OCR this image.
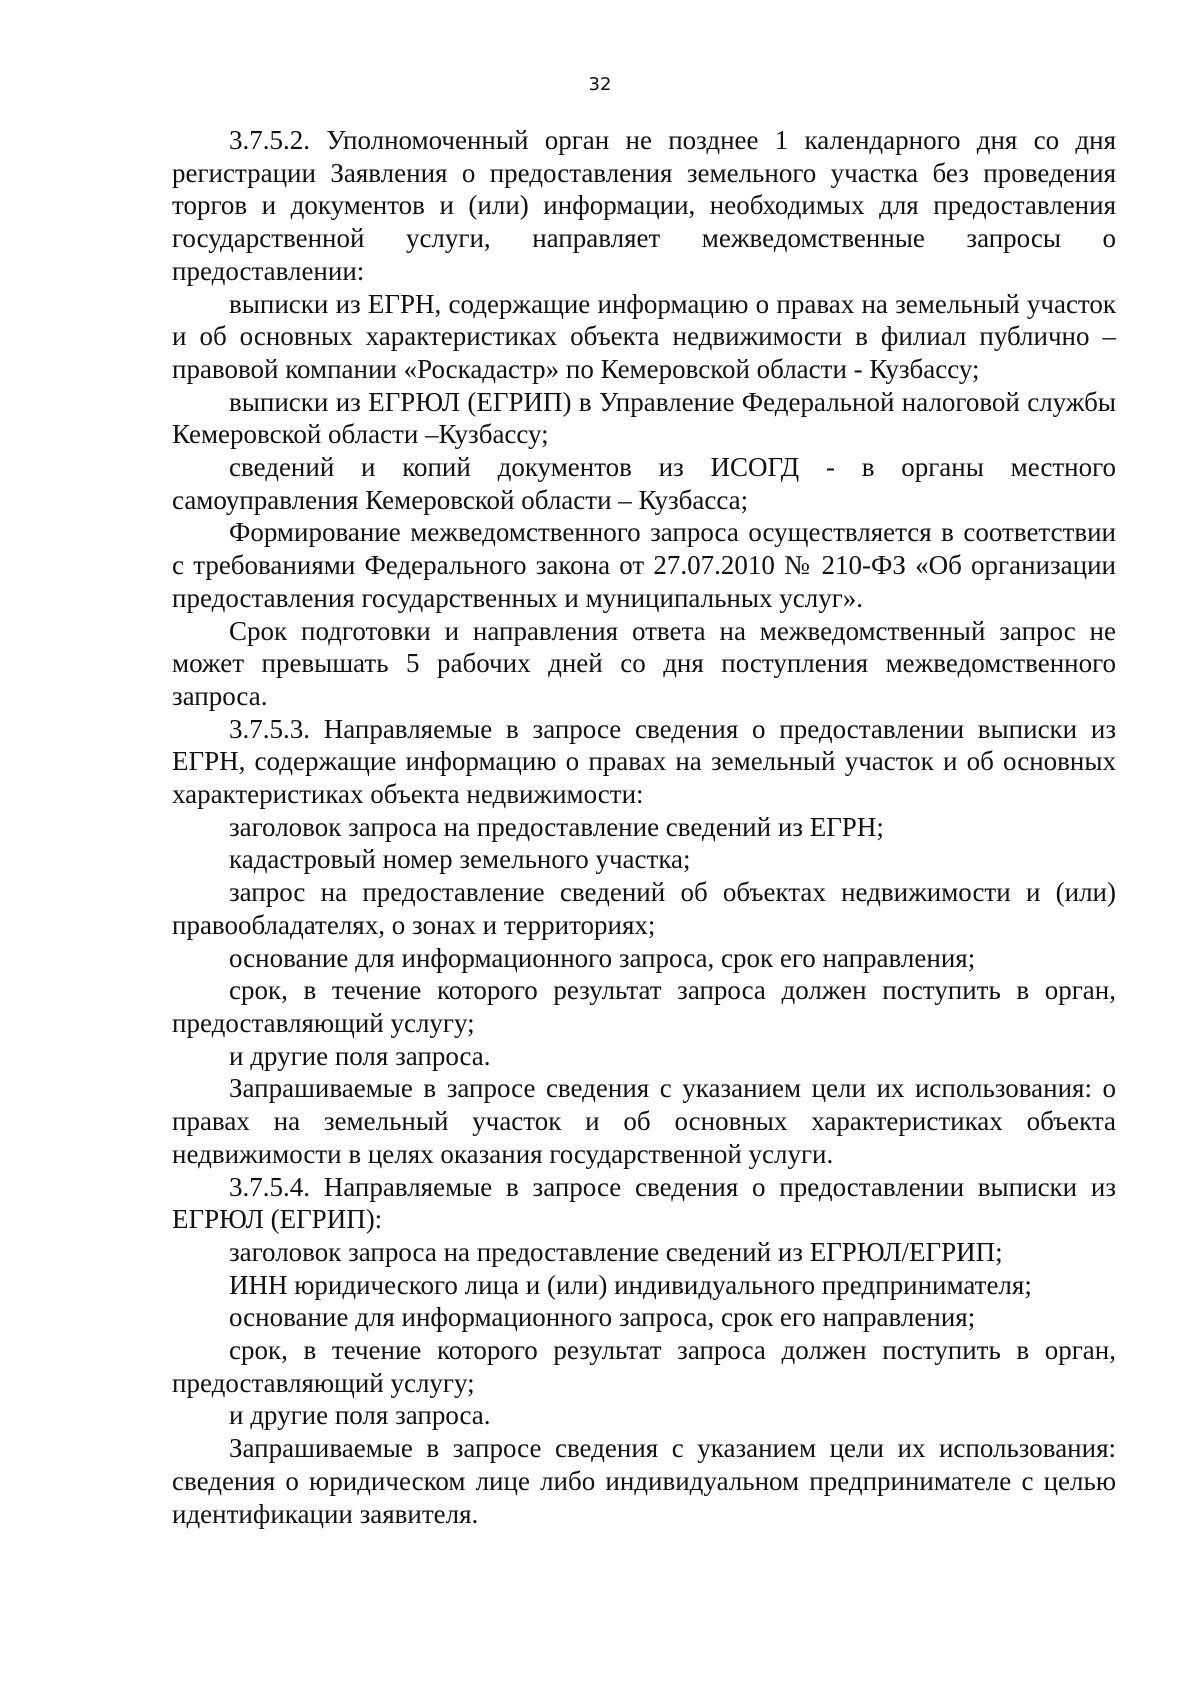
32

3.7.5.2. Уполномоченный орган не позднее 1 календарного дня со дня регистрации Заявления о предоставления земельного участка без проведения торгов и документов и (или) информации, необходимых для предоставления государственной услуги, направляет межведомственные запросы о предоставлении:

выписки из ЕГРН, содержащие информацию о правах на земельный участок и об основных характеристиках объекта недвижимости в филиал публично – правовой компании «Роскадастр» по Кемеровской области - Кузбассу;

выписки из ЕГРЮЛ (ЕГРИП) в Управление Федеральной налоговой службы Кемеровской области –Кузбассу;

сведений и копий документов из ИСОГД - в органы местного самоуправления Кемеровской области – Кузбасса;

Формирование межведомственного запроса осуществляется в соответствии с требованиями Федерального закона от 27.07.2010 № 210-ФЗ «Об организации предоставления государственных и муниципальных услуг».

Срок подготовки и направления ответа на межведомственный запрос не может превышать 5 рабочих дней со дня поступления межведомственного запроса.

3.7.5.3. Направляемые в запросе сведения о предоставлении выписки из ЕГРН, содержащие информацию о правах на земельный участок и об основных характеристиках объекта недвижимости:

заголовок запроса на предоставление сведений из ЕГРН;

кадастровый номер земельного участка;

запрос на предоставление сведений об объектах недвижимости и (или) правообладателях, о зонах и территориях;

основание для информационного запроса, срок его направления;

срок, в течение которого результат запроса должен поступить в орган, предоставляющий услугу;

и другие поля запроса.

Запрашиваемые в запросе сведения с указанием цели их использования: о правах на земельный участок и об основных характеристиках объекта недвижимости в целях оказания государственной услуги.

3.7.5.4. Направляемые в запросе сведения о предоставлении выписки из ЕГРЮЛ (ЕГРИП):

заголовок запроса на предоставление сведений из ЕГРЮЛ/ЕГРИП;

ИНН юридического лица и (или) индивидуального предпринимателя;

основание для информационного запроса, срок его направления;

срок, в течение которого результат запроса должен поступить в орган, предоставляющий услугу;

и другие поля запроса.

Запрашиваемые в запросе сведения с указанием цели их использования: сведения о юридическом лице либо индивидуальном предпринимателе с целью идентификации заявителя.
